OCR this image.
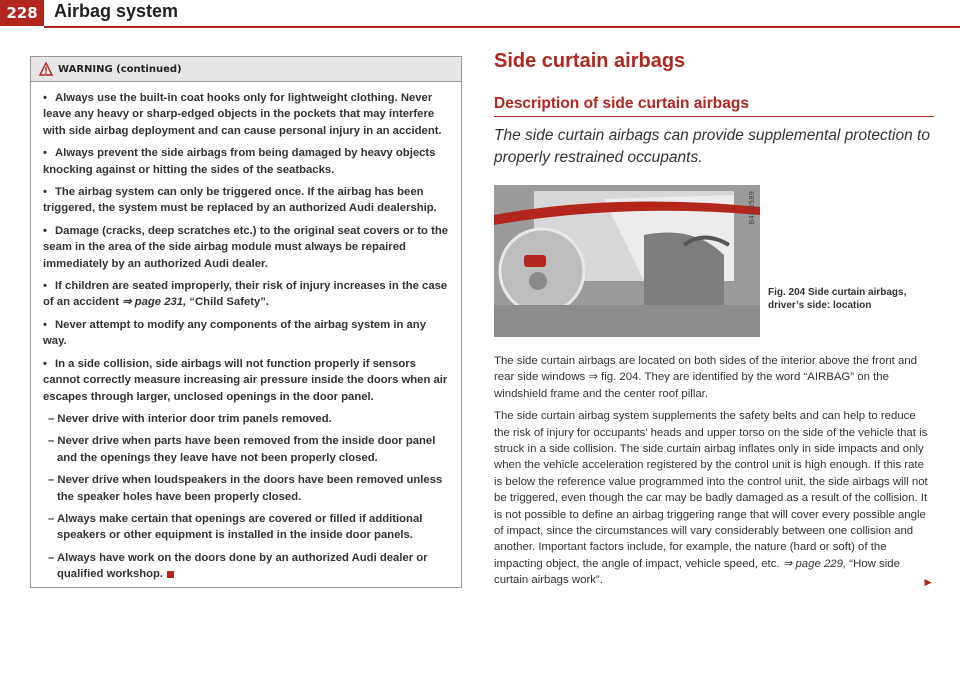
228 Airbag system
WARNING (continued)

• Always use the built-in coat hooks only for lightweight clothing. Never leave any heavy or sharp-edged objects in the pockets that may interfere with side airbag deployment and can cause personal injury in an accident.

• Always prevent the side airbags from being damaged by heavy objects knocking against or hitting the sides of the seatbacks.

• The airbag system can only be triggered once. If the airbag has been triggered, the system must be replaced by an authorized Audi dealership.

• Damage (cracks, deep scratches etc.) to the original seat covers or to the seam in the area of the side airbag module must always be repaired immediately by an authorized Audi dealer.

• If children are seated improperly, their risk of injury increases in the case of an accident ⇒ page 231, “Child Safety”.

• Never attempt to modify any components of the airbag system in any way.

• In a side collision, side airbags will not function properly if sensors cannot correctly measure increasing air pressure inside the doors when air escapes through larger, unclosed openings in the door panel.

– Never drive with interior door trim panels removed.

– Never drive when parts have been removed from the inside door panel and the openings they leave have not been properly closed.

– Never drive when loudspeakers in the doors have been removed unless the speaker holes have been properly closed.

– Always make certain that openings are covered or filled if additional speakers or other equipment is installed in the inside door panels.

– Always have work on the doors done by an authorized Audi dealer or qualified workshop.

Side curtain airbags
Description of side curtain airbags

The side curtain airbags can provide supplemental protection to properly restrained occupants.

B4L-0589
Fig. 204 Side curtain airbags, driver’s side: location

The side curtain airbags are located on both sides of the interior above the front and rear side windows ⇒ fig. 204. They are identified by the word “AIRBAG” on the windshield frame and the center roof pillar.

The side curtain airbag system supplements the safety belts and can help to reduce the risk of injury for occupants’ heads and upper torso on the side of the vehicle that is struck in a side collision. The side curtain airbag inflates only in side impacts and only when the vehicle acceleration registered by the control unit is high enough. If this rate is below the reference value programmed into the control unit, the side airbags will not be triggered, even though the car may be badly damaged as a result of the collision. It is not possible to define an airbag triggering range that will cover every possible angle of impact, since the circumstances will vary considerably between one collision and another. Important factors include, for example, the nature (hard or soft) of the impacting object, the angle of impact, vehicle speed, etc. ⇒ page 229, “How side curtain airbags work”.	►
